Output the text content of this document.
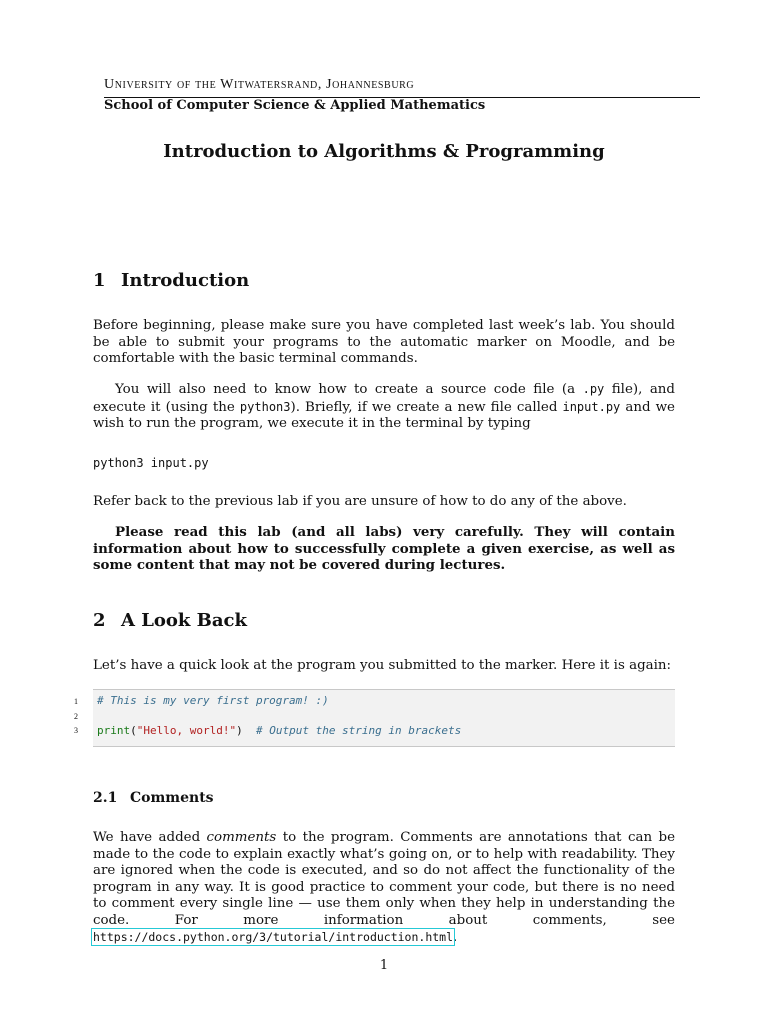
University of the Witwatersrand, Johannesburg
School of Computer Science & Applied Mathematics
Introduction to Algorithms & Programming
1 Introduction
Before beginning, please make sure you have completed last week’s lab. You should be able to submit your programs to the automatic marker on Moodle, and be comfortable with the basic terminal commands.
You will also need to know how to create a source code file (a .py file), and execute it (using the python3). Briefly, if we create a new file called input.py and we wish to run the program, we execute it in the terminal by typing
python3 input.py
Refer back to the previous lab if you are unsure of how to do any of the above.
Please read this lab (and all labs) very carefully. They will contain information about how to successfully complete a given exercise, as well as some content that may not be covered during lectures.
2 A Look Back
Let’s have a quick look at the program you submitted to the marker. Here it is again:
1
2
3
# This is my very first program! :)
print("Hello, world!")  # Output the string in brackets
2.1 Comments
We have added comments to the program. Comments are annotations that can be made to the code to explain exactly what’s going on, or to help with readability. They are ignored when the code is executed, and so do not affect the functionality of the program in any way. It is good practice to comment your code, but there is no need to comment every single line — use them only when they help in understanding the code. For more information about comments, see https://docs.python.org/3/tutorial/introduction.html.
1
